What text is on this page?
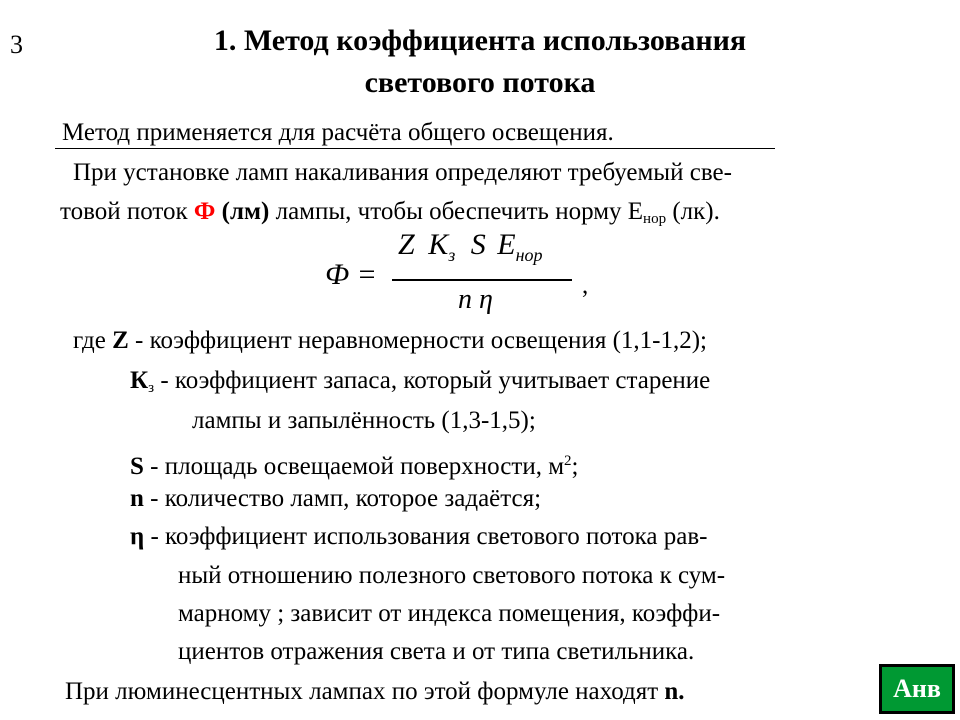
3	1. Метод коэффициента использования
светового потока
Метод применяется для расчёта общего освещения.
При установке ламп накаливания определяют требуемый све-
товой поток Ф (лм) лампы, чтобы обеспечить норму $Е_{нор}$ (лк).
Ф =
Z $K_з$ S $E_{нор}$
n η	,
где Z - коэффициент неравномерности освещения (1,1-1,2);
$К_з$ - коэффициент запаса, который учитывает старение
лампы и запылённость (1,3-1,5);
S - площадь освещаемой поверхности, $м^2$;
n - количество ламп, которое задаётся;
η - коэффициент использования светового потока рав-
ный отношению полезного светового потока к сум-
марному ; зависит от индекса помещения, коэффи-
циентов отражения света и от типа светильника.
При люминесцентных лампах по этой формуле находят n.	Анв
